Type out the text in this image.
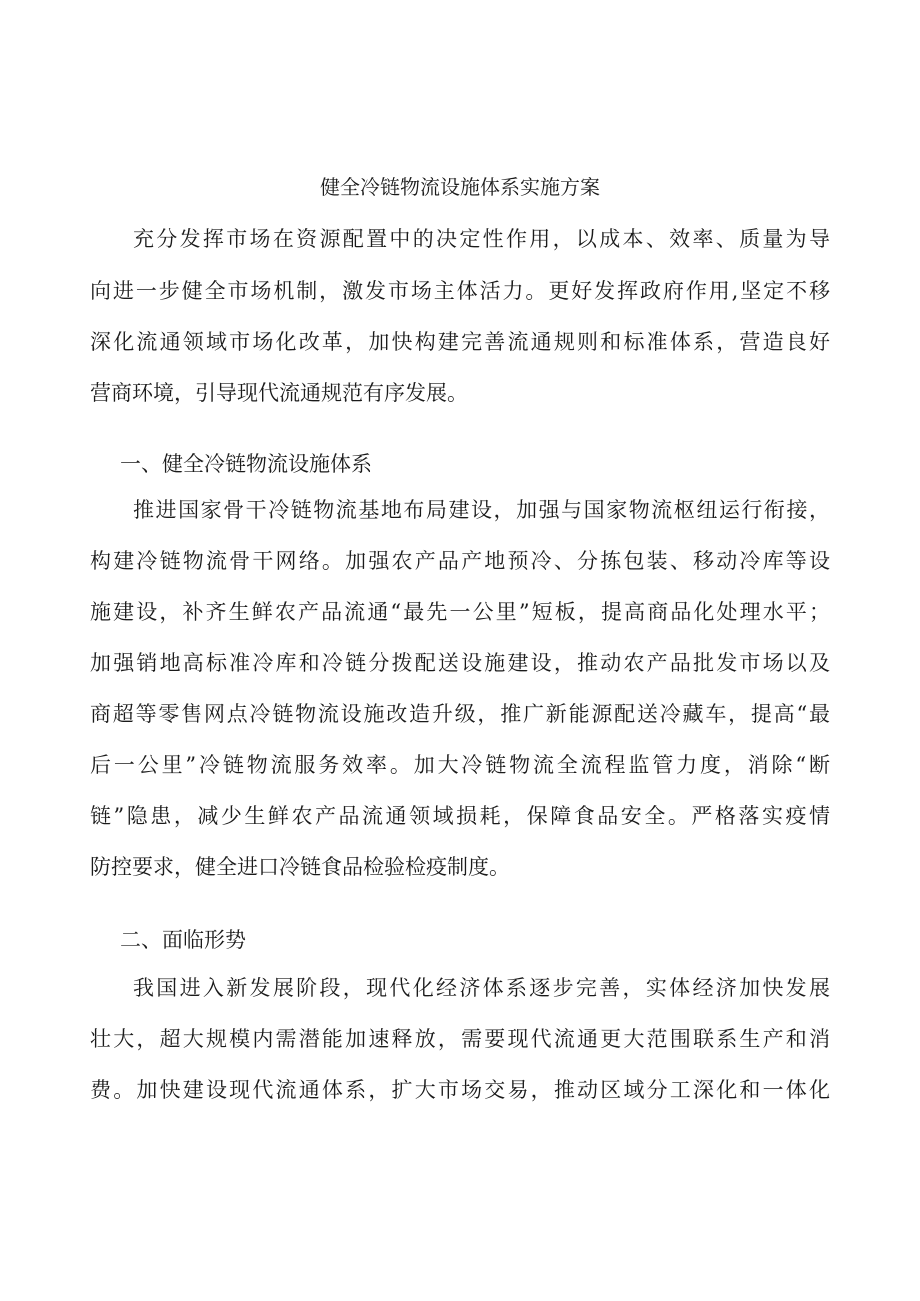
健全冷链物流设施体系实施方案
充分发挥市场在资源配置中的决定性作用，以成本、效率、质量为导
向进一步健全市场机制，激发市场主体活力。更好发挥政府作用,坚定不移
深化流通领域市场化改革，加快构建完善流通规则和标准体系，营造良好
营商环境，引导现代流通规范有序发展。
一、健全冷链物流设施体系
推进国家骨干冷链物流基地布局建设，加强与国家物流枢纽运行衔接，
构建冷链物流骨干网络。加强农产品产地预冷、分拣包装、移动冷库等设
施建设，补齐生鲜农产品流通“最先一公里”短板，提高商品化处理水平；
加强销地高标准冷库和冷链分拨配送设施建设，推动农产品批发市场以及
商超等零售网点冷链物流设施改造升级，推广新能源配送冷藏车，提高“最
后一公里”冷链物流服务效率。加大冷链物流全流程监管力度，消除“断
链”隐患，减少生鲜农产品流通领域损耗，保障食品安全。严格落实疫情
防控要求，健全进口冷链食品检验检疫制度。
二、面临形势
我国进入新发展阶段，现代化经济体系逐步完善，实体经济加快发展
壮大，超大规模内需潜能加速释放，需要现代流通更大范围联系生产和消
费。加快建设现代流通体系，扩大市场交易，推动区域分工深化和一体化
